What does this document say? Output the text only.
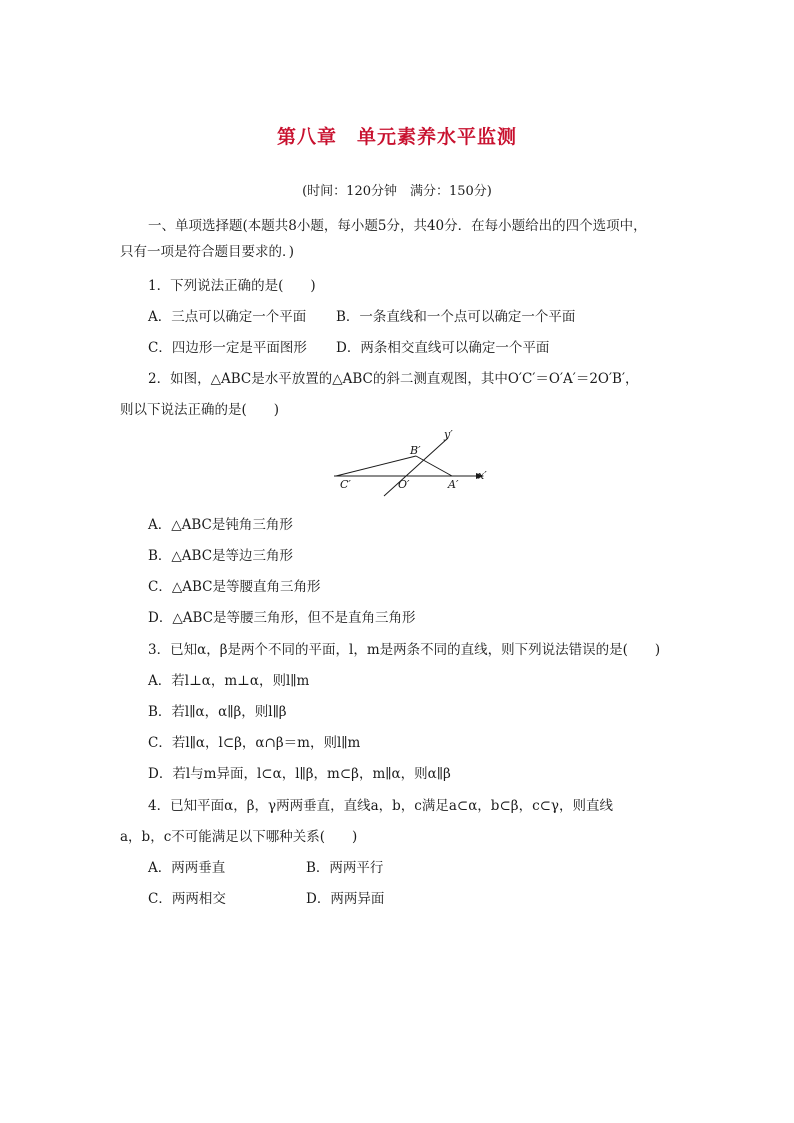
第八章　单元素养水平监测
(时间：120分钟　满分：150分)
一、单项选择题(本题共8小题，每小题5分，共40分．在每小题给出的四个选项中，
只有一项是符合题目要求的．)
1．下列说法正确的是(　　)
A．三点可以确定一个平面 B．一条直线和一个点可以确定一个平面
C．四边形一定是平面图形 D．两条相交直线可以确定一个平面
2．如图，△ABC是水平放置的△ABC的斜二测直观图，其中O′C′＝O′A′＝2O′B′，
则以下说法正确的是(　　)
C′	O′	A′
B′
x′
y′
A．△ABC是钝角三角形
B．△ABC是等边三角形
C．△ABC是等腰直角三角形
D．△ABC是等腰三角形，但不是直角三角形
3．已知α，β是两个不同的平面，l，m是两条不同的直线，则下列说法错误的是(　　)
A．若l⊥α，m⊥α，则l∥m
B．若l∥α，α∥β，则l∥β
C．若l∥α，l⊂β，α∩β＝m，则l∥m
D．若l与m异面，l⊂α，l∥β，m⊂β，m∥α，则α∥β
4．已知平面α，β，γ两两垂直，直线a，b，c满足a⊂α，b⊂β，c⊂γ，则直线
a，b，c不可能满足以下哪种关系(　　)
A．两两垂直	B．两两平行
C．两两相交	D．两两异面
